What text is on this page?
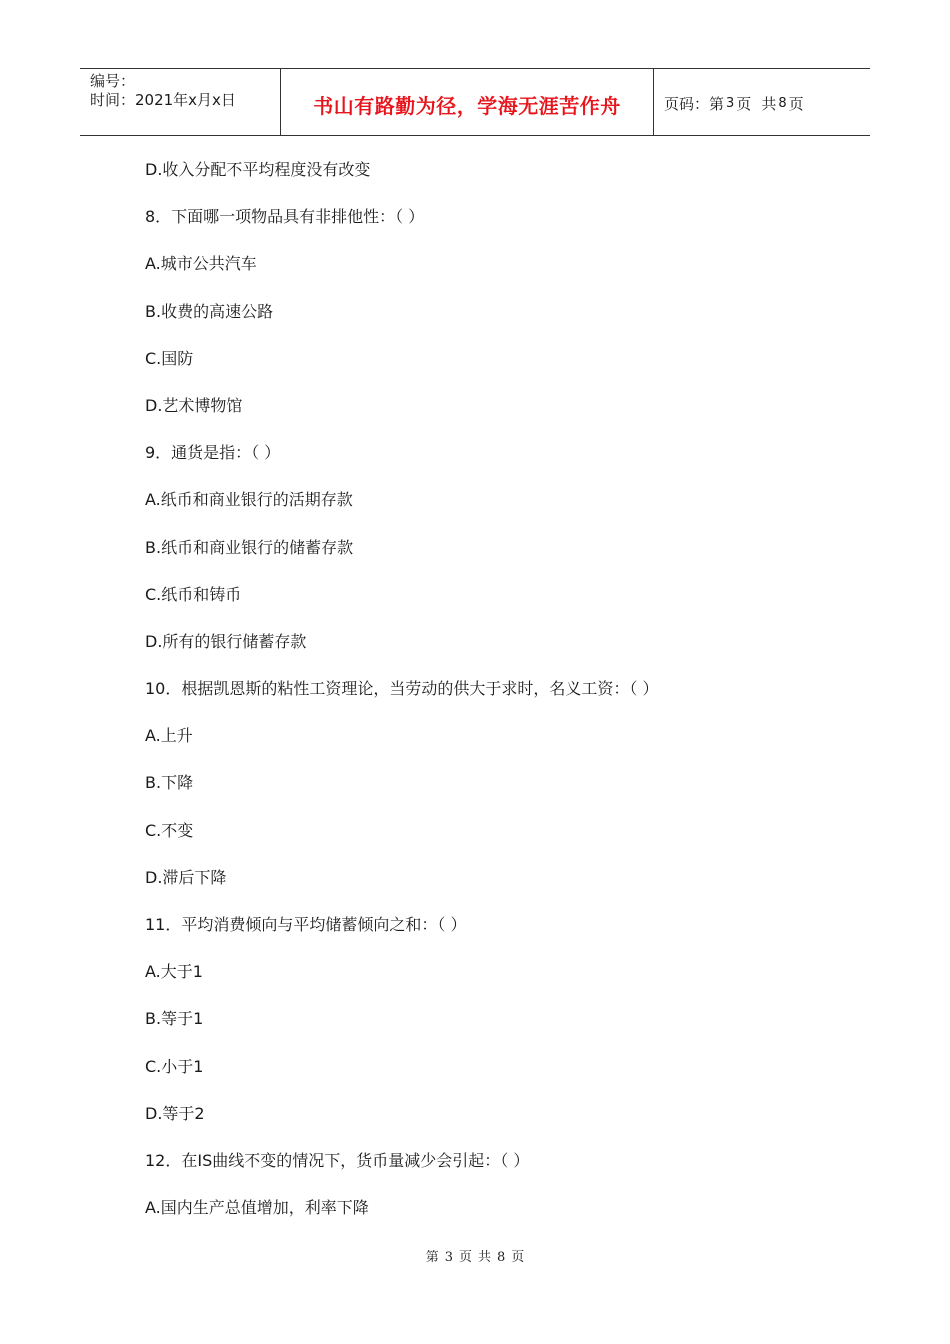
编号：
时间：2021年x月x日	书山有路勤为径，学海无涯苦作舟	页码：第 3 页 共 8 页
D.收入分配不平均程度没有改变
8．下面哪一项物品具有非排他性：（ ）
A.城市公共汽车
B.收费的高速公路
C.国防
D.艺术博物馆
9．通货是指：（ ）
A.纸币和商业银行的活期存款
B.纸币和商业银行的储蓄存款
C.纸币和铸币
D.所有的银行储蓄存款
10．根据凯恩斯的粘性工资理论，当劳动的供大于求时，名义工资：（ ）
A.上升
B.下降
C.不变
D.滞后下降
11．平均消费倾向与平均储蓄倾向之和：（ ）
A.大于1
B.等于1
C.小于1
D.等于2
12．在IS曲线不变的情况下，货币量减少会引起：（ ）
A.国内生产总值增加，利率下降
第 3 页 共 8 页
